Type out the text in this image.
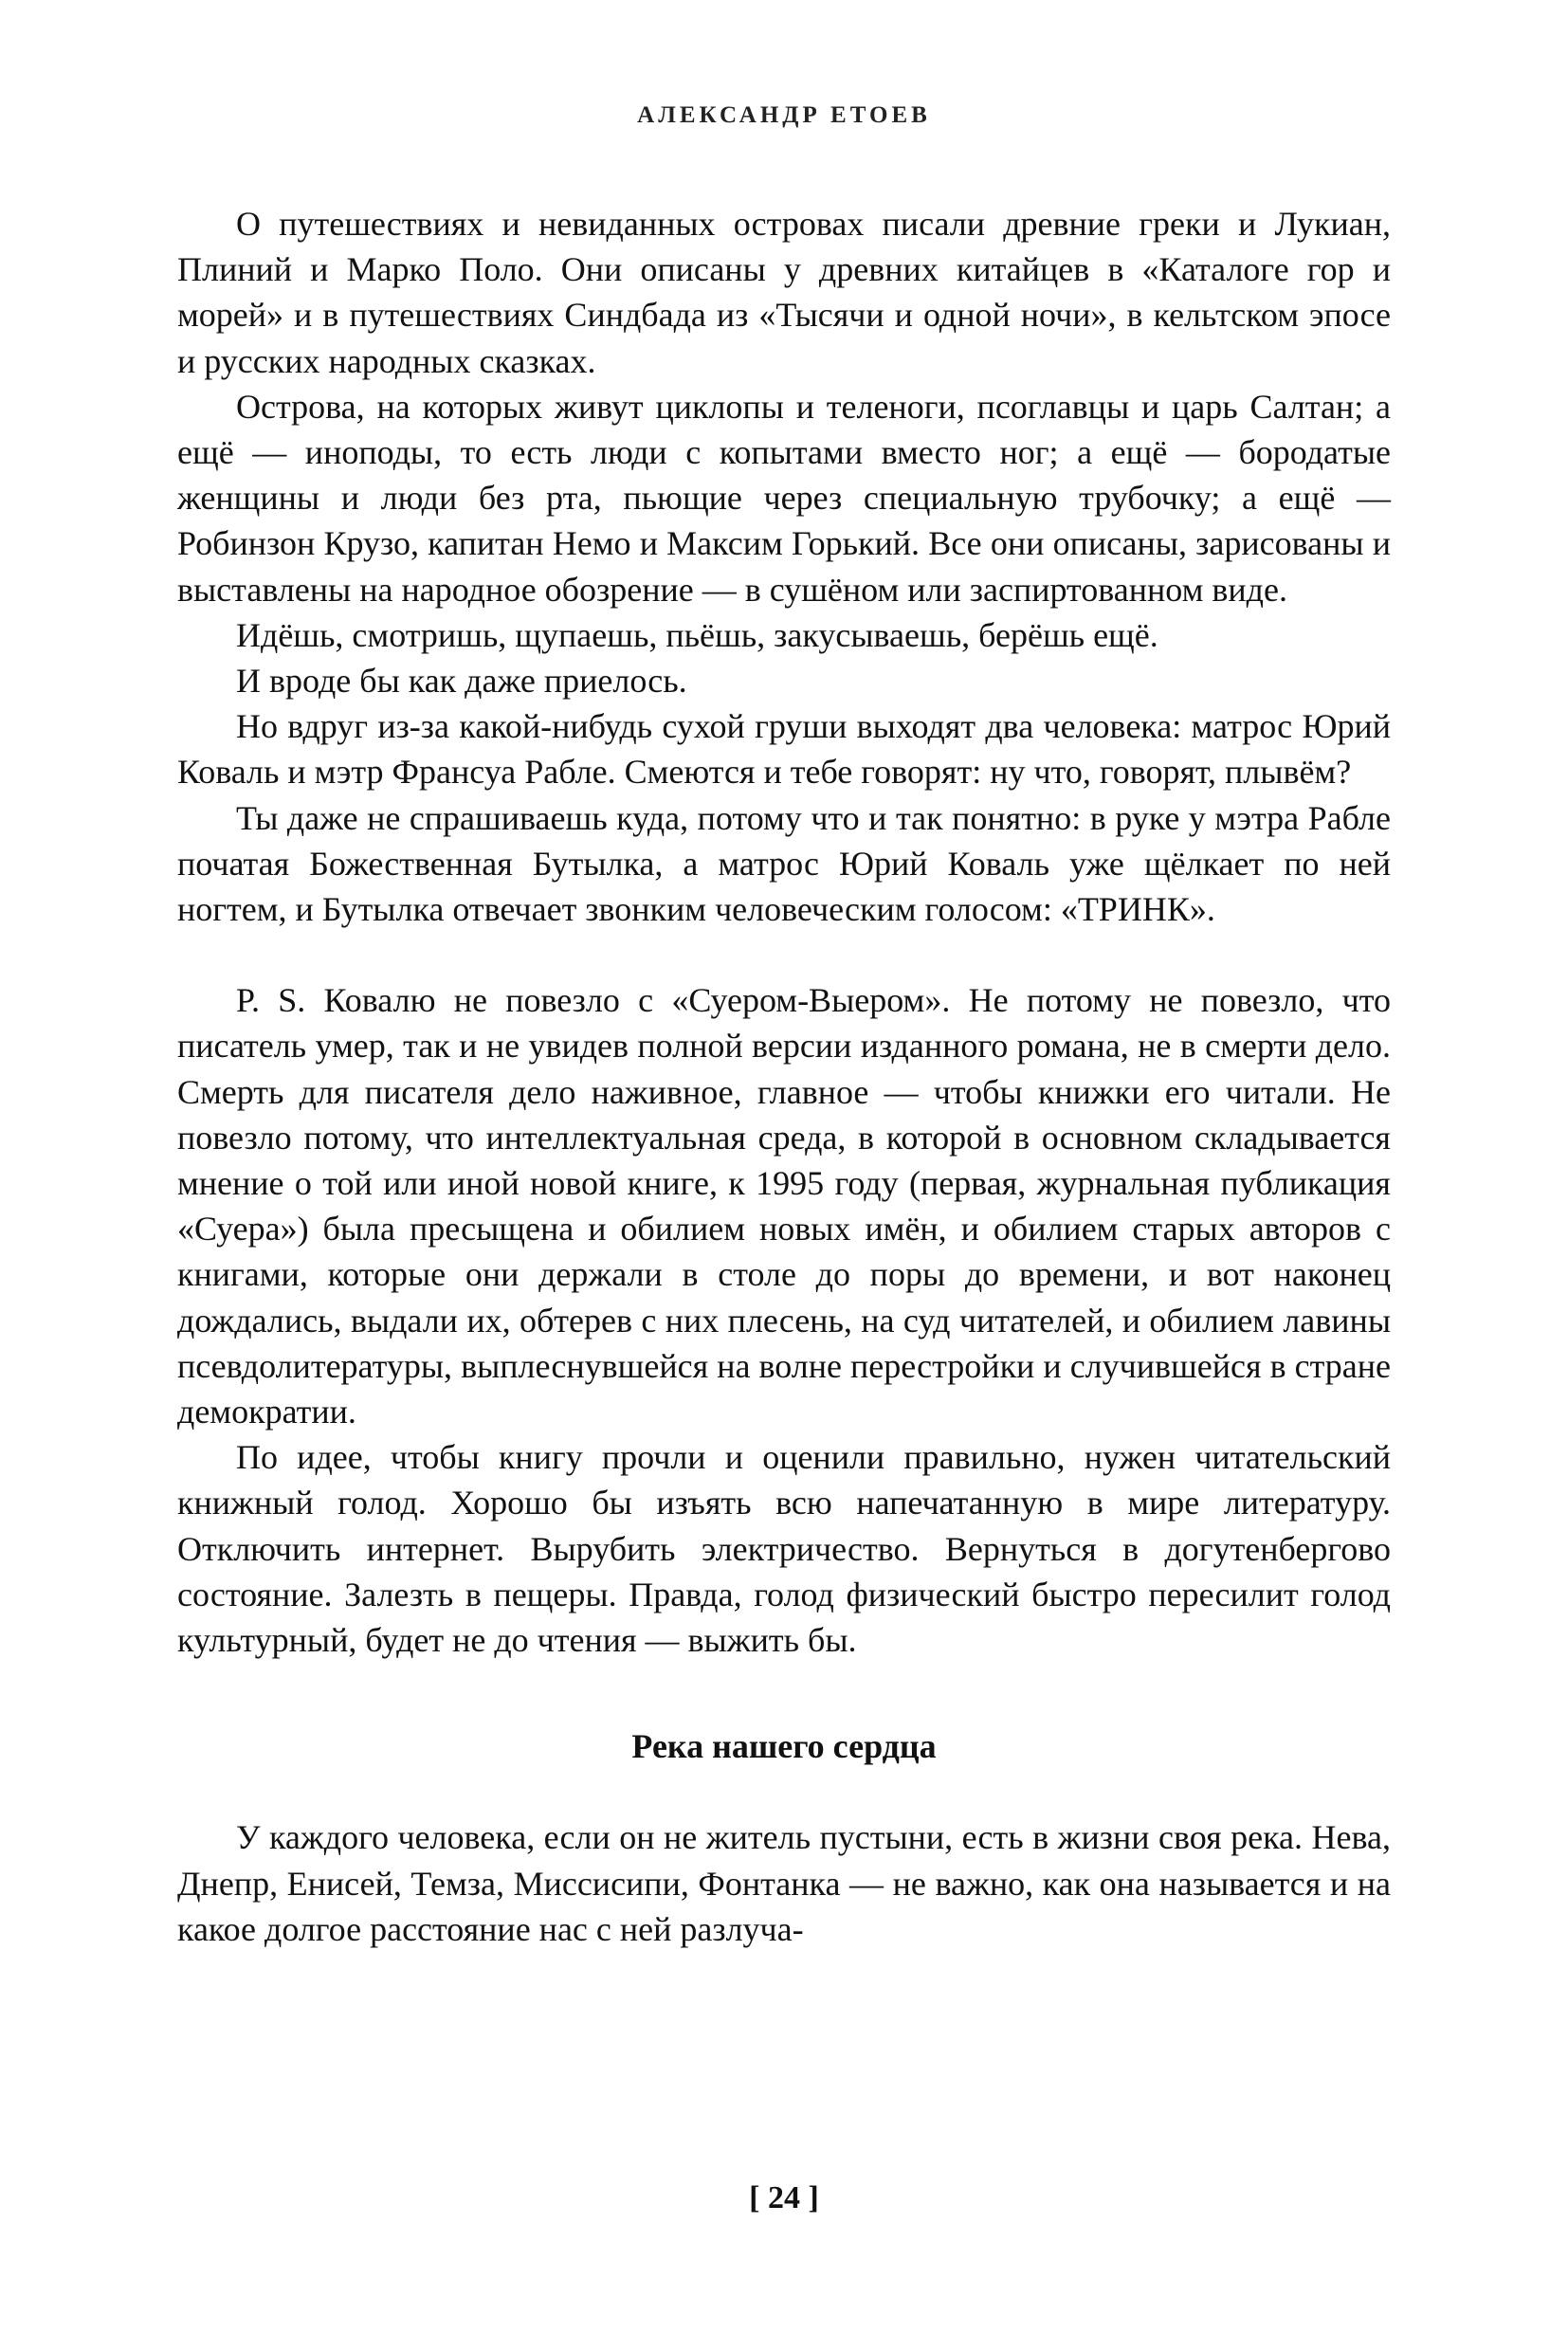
АЛЕКСАНДР ЕТОЕВ

О путешествиях и невиданных островах писали древние греки и Лукиан, Плиний и Марко Поло. Они описаны у древних китайцев в «Каталоге гор и морей» и в путешествиях Синдбада из «Тысячи и одной ночи», в кельтском эпосе и русских народных сказках.

Острова, на которых живут циклопы и теленоги, псоглавцы и царь Салтан; а ещё — иноподы, то есть люди с копытами вместо ног; а ещё — бородатые женщины и люди без рта, пьющие через специальную трубочку; а ещё — Робинзон Крузо, капитан Немо и Максим Горький. Все они описаны, зарисованы и выставлены на народное обозрение — в сушёном или заспиртованном виде.

Идёшь, смотришь, щупаешь, пьёшь, закусываешь, берёшь ещё.

И вроде бы как даже приелось.

Но вдруг из-за какой-нибудь сухой груши выходят два человека: матрос Юрий Коваль и мэтр Франсуа Рабле. Смеются и тебе говорят: ну что, говорят, плывём?

Ты даже не спрашиваешь куда, потому что и так понятно: в руке у мэтра Рабле початая Божественная Бутылка, а матрос Юрий Коваль уже щёлкает по ней ногтем, и Бутылка отвечает звонким человеческим голосом: «ТРИНК».

P. S. Ковалю не повезло с «Суером-Выером». Не потому не повезло, что писатель умер, так и не увидев полной версии изданного романа, не в смерти дело. Смерть для писателя дело наживное, главное — чтобы книжки его читали. Не повезло потому, что интеллектуальная среда, в которой в основном складывается мнение о той или иной новой книге, к 1995 году (первая, журнальная публикация «Суера») была пресыщена и обилием новых имён, и обилием старых авторов с книгами, которые они держали в столе до поры до времени, и вот наконец дождались, выдали их, обтерев с них плесень, на суд читателей, и обилием лавины псевдолитературы, выплеснувшейся на волне перестройки и случившейся в стране демократии.

По идее, чтобы книгу прочли и оценили правильно, нужен читательский книжный голод. Хорошо бы изъять всю напечатанную в мире литературу. Отключить интернет. Вырубить электричество. Вернуться в догутенбергово состояние. Залезть в пещеры. Правда, голод физический быстро пересилит голод культурный, будет не до чтения — выжить бы.

Река нашего сердца

У каждого человека, если он не житель пустыни, есть в жизни своя река. Нева, Днепр, Енисей, Темза, Миссисипи, Фонтанка — не важно, как она называется и на какое долгое расстояние нас с ней разлуча-

[ 24 ]
